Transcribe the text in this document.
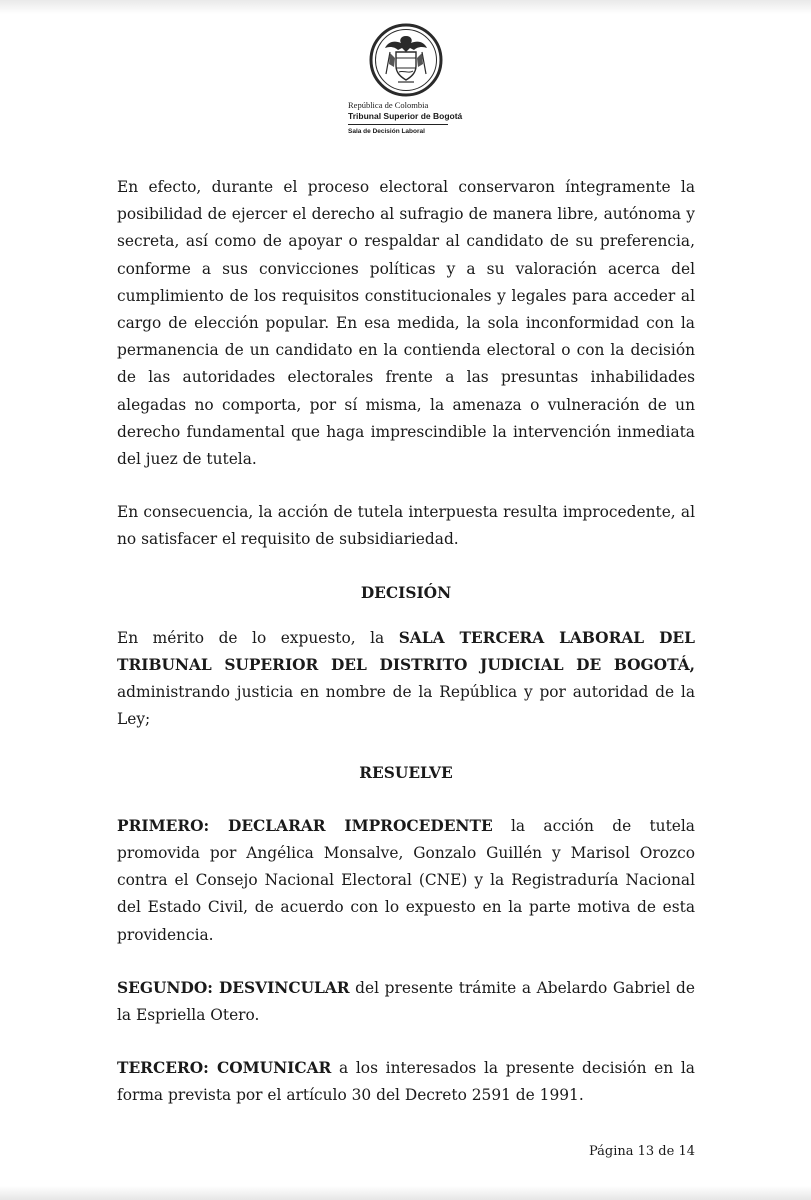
República de Colombia
Tribunal Superior de Bogotá
Sala de Decisión Laboral

En efecto, durante el proceso electoral conservaron íntegramente la posibilidad de ejercer el derecho al sufragio de manera libre, autónoma y secreta, así como de apoyar o respaldar al candidato de su preferencia, conforme a sus convicciones políticas y a su valoración acerca del cumplimiento de los requisitos constitucionales y legales para acceder al cargo de elección popular. En esa medida, la sola inconformidad con la permanencia de un candidato en la contienda electoral o con la decisión de las autoridades electorales frente a las presuntas inhabilidades alegadas no comporta, por sí misma, la amenaza o vulneración de un derecho fundamental que haga imprescindible la intervención inmediata del juez de tutela.

En consecuencia, la acción de tutela interpuesta resulta improcedente, al no satisfacer el requisito de subsidiariedad.

DECISIÓN

En mérito de lo expuesto, la SALA TERCERA LABORAL DEL TRIBUNAL SUPERIOR DEL DISTRITO JUDICIAL DE BOGOTÁ, administrando justicia en nombre de la República y por autoridad de la Ley;

RESUELVE

PRIMERO: DECLARAR IMPROCEDENTE la acción de tutela promovida por Angélica Monsalve, Gonzalo Guillén y Marisol Orozco contra el Consejo Nacional Electoral (CNE) y la Registraduría Nacional del Estado Civil, de acuerdo con lo expuesto en la parte motiva de esta providencia.

SEGUNDO: DESVINCULAR del presente trámite a Abelardo Gabriel de la Espriella Otero.

TERCERO: COMUNICAR a los interesados la presente decisión en la forma prevista por el artículo 30 del Decreto 2591 de 1991.

Página 13 de 14
